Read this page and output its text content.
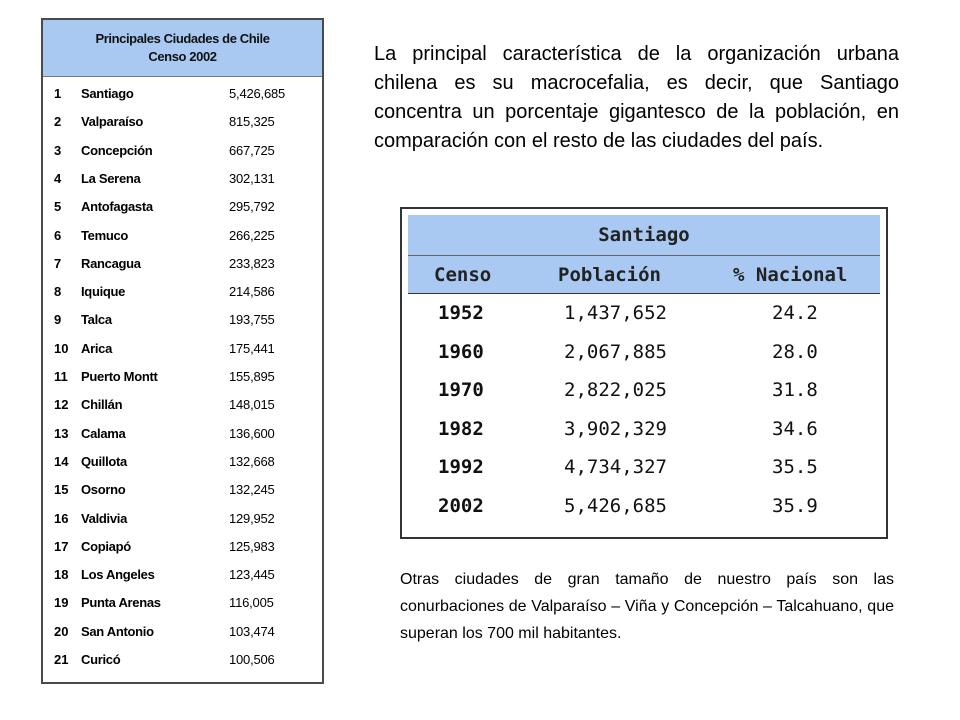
Principales Ciudades de Chile
Censo 2002
1 Santiago	5,426,685
2 Valparaíso	815,325
3 Concepción	667,725
4 La Serena	302,131
5 Antofagasta	295,792
6 Temuco	266,225
7 Rancagua	233,823
8 Iquique	214,586
9 Talca	193,755
10 Arica	175,441
11 Puerto Montt	155,895
12 Chillán	148,015
13 Calama	136,600
14 Quillota	132,668
15 Osorno	132,245
16 Valdivia	129,952
17 Copiapó	125,983
18 Los Angeles	123,445
19 Punta Arenas	116,005
20 San Antonio	103,474
21 Curicó	100,506

La principal característica de la organización urbana chilena es su macrocefalia, es decir, que Santiago concentra un porcentaje gigantesco de la población, en comparación con el resto de las ciudades del país.

Santiago
Censo	Población	% Nacional
1952	1,437,652	24.2
1960	2,067,885	28.0
1970	2,822,025	31.8
1982	3,902,329	34.6
1992	4,734,327	35.5
2002	5,426,685	35.9

Otras ciudades de gran tamaño de nuestro país son las conurbaciones de Valparaíso – Viña y Concepción – Talcahuano, que superan los 700 mil habitantes.
